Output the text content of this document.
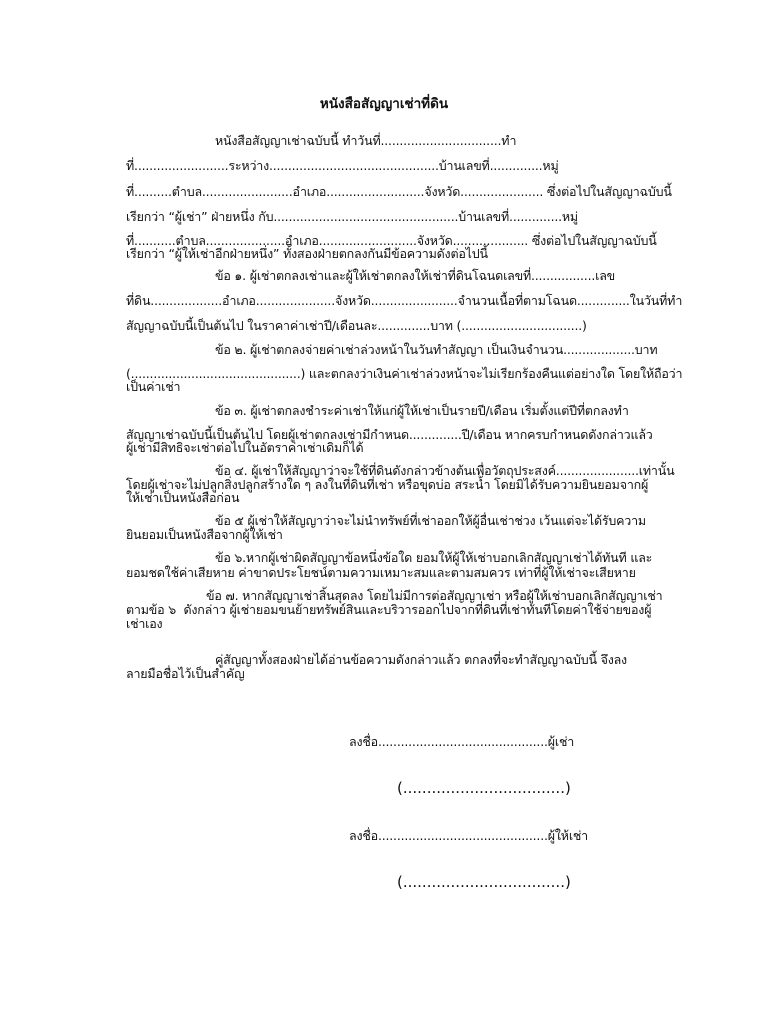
หนังสือสัญญาเช่าที่ดิน
หนังสือสัญญาเช่าฉบับนี้ ทำวันที่................................ทำ
ที่.........................ระหว่าง.............................................บ้านเลขที่..............หมู่
ที่..........ตำบล........................อำเภอ..........................จังหวัด...................... ซึ่งต่อไปในสัญญาฉบับนี้
เรียกว่า “ผู้เช่า” ฝ่ายหนึ่ง กับ.................................................บ้านเลขที่..............หมู่
ที่...........ตำบล.....................อำเภอ..........................จังหวัด.................... ซึ่งต่อไปในสัญญาฉบับนี้
เรียกว่า “ผู้ให้เช่าอีกฝ่ายหนึ่ง” ทั้งสองฝ่ายตกลงกันมีข้อความดังต่อไปนี้
ข้อ ๑. ผู้เช่าตกลงเช่าและผู้ให้เช่าตกลงให้เช่าที่ดินโฉนดเลขที่.................เลข
ที่ดิน...................อำเภอ.....................จังหวัด.......................จำนวนเนื้อที่ตามโฉนด..............ในวันที่ทำ
สัญญาฉบับนี้เป็นต้นไป ในราคาค่าเช่าปี/เดือนละ..............บาท (................................)
ข้อ ๒. ผู้เช่าตกลงจ่ายค่าเช่าล่วงหน้าในวันทำสัญญา เป็นเงินจำนวน...................บาท
(.............................................) และตกลงว่าเงินค่าเช่าล่วงหน้าจะไม่เรียกร้องคืนแต่อย่างใด โดยให้ถือว่า
เป็นค่าเช่า
ข้อ ๓. ผู้เช่าตกลงชำระค่าเช่าให้แก่ผู้ให้เช่าเป็นรายปี/เดือน เริ่มตั้งแต่ปีที่ตกลงทำ
สัญญาเช่าฉบับนี้เป็นต้นไป โดยผู้เช่าตกลงเช่ามีกำหนด..............ปี/เดือน หากครบกำหนดดังกล่าวแล้ว
ผู้เช่ามีสิทธิจะเช่าต่อไปในอัตราค่าเช่าเดิมก็ได้
ข้อ ๔. ผู้เช่าให้สัญญาว่าจะใช้ที่ดินดังกล่าวข้างต้นเพื่อวัตถุประสงค์......................เท่านั้น
โดยผู้เช่าจะไม่ปลูกสิ่งปลูกสร้างใด ๆ ลงในที่ดินที่เช่า หรือขุดบ่อ สระน้ำ โดยมิได้รับความยินยอมจากผู้
ให้เช่าเป็นหนังสือก่อน
ข้อ ๕ ผู้เช่าให้สัญญาว่าจะไม่นำทรัพย์ที่เช่าออกให้ผู้อื่นเช่าช่วง เว้นแต่จะได้รับความ
ยินยอมเป็นหนังสือจากผู้ให้เช่า
ข้อ ๖.หากผู้เช่าผิดสัญญาข้อหนึ่งข้อใด ยอมให้ผู้ให้เช่าบอกเลิกสัญญาเช่าได้ทันที และ
ยอมชดใช้ค่าเสียหาย ค่าขาดประโยชน์ตามความเหมาะสมและตามสมควร เท่าที่ผู้ให้เช่าจะเสียหาย
ข้อ ๗. หากสัญญาเช่าสิ้นสุดลง โดยไม่มีการต่อสัญญาเช่า หรือผู้ให้เช่าบอกเลิกสัญญาเช่า
ตามข้อ ๖  ดังกล่าว ผู้เช่ายอมขนย้ายทรัพย์สินและบริวารออกไปจากที่ดินที่เช่าทันทีโดยค่าใช้จ่ายของผู้
เช่าเอง
คู่สัญญาทั้งสองฝ่ายได้อ่านข้อความดังกล่าวแล้ว ตกลงที่จะทำสัญญาฉบับนี้ จึงลง
ลายมือชื่อไว้เป็นสำคัญ
ลงชื่อ.............................................ผู้เช่า
(..................................)
ลงชื่อ.............................................ผู้ให้เช่า
(..................................)
